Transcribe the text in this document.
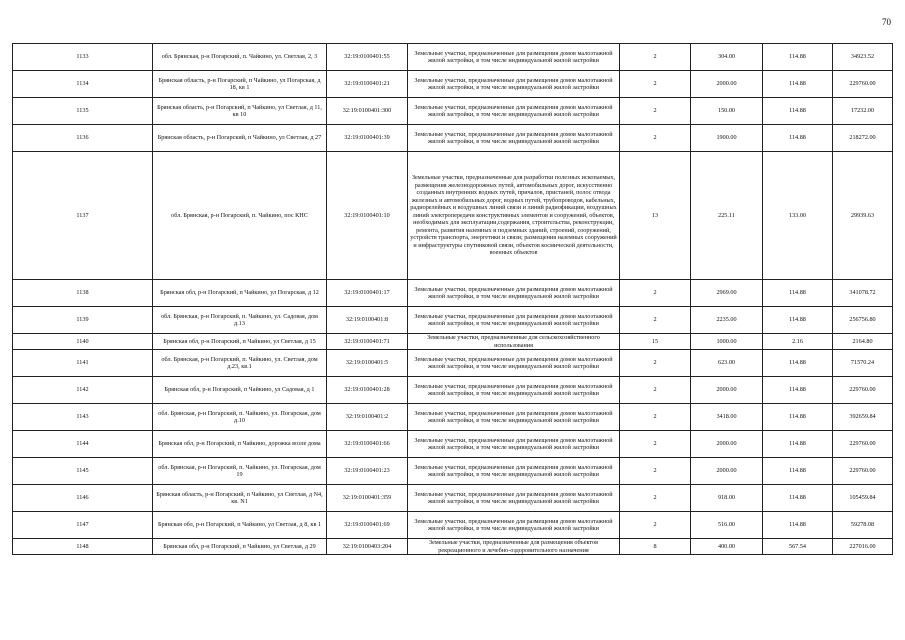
70
1133	обл. Брянская, р-н Погарский, п. Чайкино, ул. Светлая, 2, 3	32:19:0100401:55	Земельные участки, предназначенные для размещения домов малоэтажной жилой застройки, в том числе индивидуальной жилой застройки	2	304.00	114.88	34923.52
1134	Брянская область, р-н Погарский, п Чайкино, ул Погарская, д 18, кв 1	32:19:0100401:21	Земельные участки, предназначенные для размещения домов малоэтажной жилой застройки, в том числе индивидуальной жилой застройки	2	2000.00	114.88	229760.00
1135	Брянская область, р-н Погарский, п Чайкино, ул Светлая, д 11, кв 10	32:19:0100401:300	Земельные участки, предназначенные для размещения домов малоэтажной жилой застройки, в том числе индивидуальной жилой застройки	2	150.00	114.88	17232.00
1136	Брянская область, р-н Погарский, п Чайкино, ул Светлая, д 27	32:19:0100401:39	Земельные участки, предназначенные для размещения домов малоэтажной жилой застройки, в том числе индивидуальной жилой застройки	2	1900.00	114.88	218272.00
1137	обл. Брянская, р-н Погарский, п. Чайкино, пос КНС	32:19:0100401:10	Земельные участки, предназначенные для разработки полезных ископаемых, размещения железнодорожных путей, автомобильных дорог, искусственно созданных внутренних водных путей, причалов, пристаней, полос отвода железных и автомобильных дорог, водных путей, трубопроводов, кабельных, радиорелейных и воздушных линий связи и линий радиофикации, воздушных линий электропередачи конструктивных элементов и сооружений, объектов, необходимых для эксплуатации,содержания, строительства, реконструкции, ремонта, развития наземных и подземных зданий, строений, сооружений, устройств транспорта, энергетики и связи; размещения наземных сооружений и инфраструктуры спутниковой связи, объектов космической деятельности, военных объектов	13	225.11	133.00	29939.63
1138	Брянская обл, р-н Погарский, п Чайкино, ул Погарская, д 12	32:19:0100401:17	Земельные участки, предназначенные для размещения домов малоэтажной жилой застройки, в том числе индивидуальной жилой застройки	2	2969.00	114.88	341078.72
1139	обл. Брянская, р-н Погарский, п. Чайкино, ул. Садовая, дом д.13	32:19:0100401:8	Земельные участки, предназначенные для размещения домов малоэтажной жилой застройки, в том числе индивидуальной жилой застройки	2	2235.00	114.88	256756.80
1140	Брянская обл, р-н Погарский, п Чайкино, ул Светлая, д 15	32:19:0100401:71	Земельные участки, предназначенные для сельскохозяйственного использования	15	1000.00	2.16	2164.80
1141	обл. Брянская, р-н Погарский, п. Чайкино, ул. Светлая, дом д.23, кв.1	32:19:0100401:5	Земельные участки, предназначенные для размещения домов малоэтажной жилой застройки, в том числе индивидуальной жилой застройки	2	623.00	114.88	71570.24
1142	Брянская обл, р-н Погарский, п Чайкино, ул Садовая, д 1	32:19:0100401:28	Земельные участки, предназначенные для размещения домов малоэтажной жилой застройки, в том числе индивидуальной жилой застройки	2	2000.00	114.88	229760.00
1143	обл. Брянская, р-н Погарский, п. Чайкино, ул. Погарская, дом д.10	32:19:0100401:2	Земельные участки, предназначенные для размещения домов малоэтажной жилой застройки, в том числе индивидуальной жилой застройки	2	3418.00	114.88	392659.84
1144	Брянская обл, р-н Погарский, п Чайкино, дорожка возле дома	32:19:0100401:66	Земельные участки, предназначенные для размещения домов малоэтажной жилой застройки, в том числе индивидуальной жилой застройки	2	2000.00	114.88	229760.00
1145	обл. Брянская, р-н Погарский, п. Чайкино, ул. Погарская, дом 19	32:19:0100401:23	Земельные участки, предназначенные для размещения домов малоэтажной жилой застройки, в том числе индивидуальной жилой застройки	2	2000.00	114.88	229760.00
1146	Брянская область, р-н Погарский, п Чайкино, ул Светлая, д N4, кв. N1	32:19:0100401:359	Земельные участки, предназначенные для размещения домов малоэтажной жилой застройки, в том числе индивидуальной жилой застройки	2	918.00	114.88	105459.84
1147	Брянская обл, р-н Погарский, п Чайкино, ул Светлая, д 8, кв 1	32:19:0100401:69	Земельные участки, предназначенные для размещения домов малоэтажной жилой застройки, в том числе индивидуальной жилой застройки	2	516.00	114.88	59278.08
1148	Брянская обл, р-н Погарский, п Чайкино, ул Светлая, д 29	32:19:0100403:204	Земельные участки, предназначенные для размещения объектов рекреационного и лечебно-оздоровительного назначения	8	400.00	567.54	227016.00
